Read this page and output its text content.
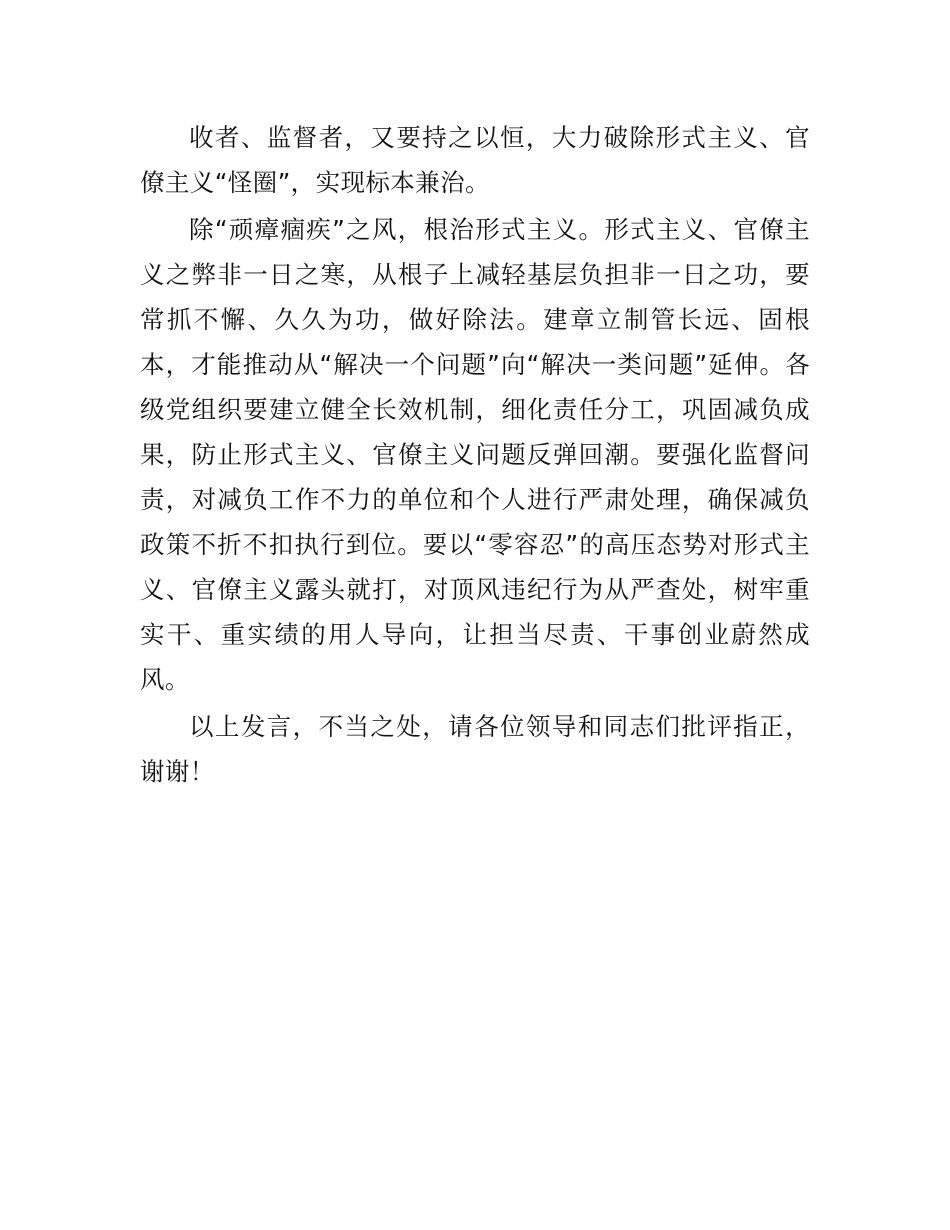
收者、监督者，又要持之以恒，大力破除形式主义、官僚主义“怪圈”，实现标本兼治。

除“顽瘴痼疾”之风，根治形式主义。形式主义、官僚主义之弊非一日之寒，从根子上减轻基层负担非一日之功，要常抓不懈、久久为功，做好除法。建章立制管长远、固根本，才能推动从“解决一个问题”向“解决一类问题”延伸。各级党组织要建立健全长效机制，细化责任分工，巩固减负成果，防止形式主义、官僚主义问题反弹回潮。要强化监督问责，对减负工作不力的单位和个人进行严肃处理，确保减负政策不折不扣执行到位。要以“零容忍”的高压态势对形式主义、官僚主义露头就打，对顶风违纪行为从严查处，树牢重实干、重实绩的用人导向，让担当尽责、干事创业蔚然成风。

以上发言，不当之处，请各位领导和同志们批评指正，谢谢！
